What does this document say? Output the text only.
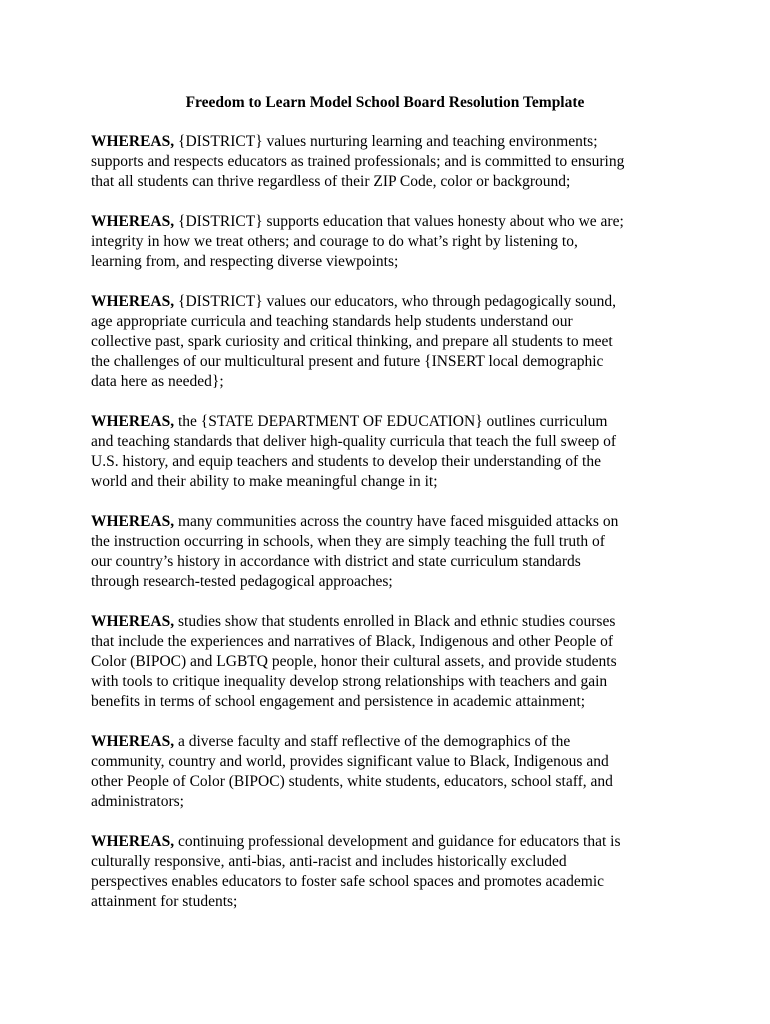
Freedom to Learn Model School Board Resolution Template

WHEREAS, {DISTRICT} values nurturing learning and teaching environments;
supports and respects educators as trained professionals; and is committed to ensuring
that all students can thrive regardless of their ZIP Code, color or background;

WHEREAS, {DISTRICT} supports education that values honesty about who we are;
integrity in how we treat others; and courage to do what’s right by listening to,
learning from, and respecting diverse viewpoints;

WHEREAS, {DISTRICT} values our educators, who through pedagogically sound,
age appropriate curricula and teaching standards help students understand our
collective past, spark curiosity and critical thinking, and prepare all students to meet
the challenges of our multicultural present and future {INSERT local demographic
data here as needed};

WHEREAS, the {STATE DEPARTMENT OF EDUCATION} outlines curriculum
and teaching standards that deliver high-quality curricula that teach the full sweep of
U.S. history, and equip teachers and students to develop their understanding of the
world and their ability to make meaningful change in it;

WHEREAS, many communities across the country have faced misguided attacks on
the instruction occurring in schools, when they are simply teaching the full truth of
our country’s history in accordance with district and state curriculum standards
through research-tested pedagogical approaches;

WHEREAS, studies show that students enrolled in Black and ethnic studies courses
that include the experiences and narratives of Black, Indigenous and other People of
Color (BIPOC) and LGBTQ people, honor their cultural assets, and provide students
with tools to critique inequality develop strong relationships with teachers and gain
benefits in terms of school engagement and persistence in academic attainment;

WHEREAS, a diverse faculty and staff reflective of the demographics of the
community, country and world, provides significant value to Black, Indigenous and
other People of Color (BIPOC) students, white students, educators, school staff, and
administrators;

WHEREAS, continuing professional development and guidance for educators that is
culturally responsive, anti-bias, anti-racist and includes historically excluded
perspectives enables educators to foster safe school spaces and promotes academic
attainment for students;
